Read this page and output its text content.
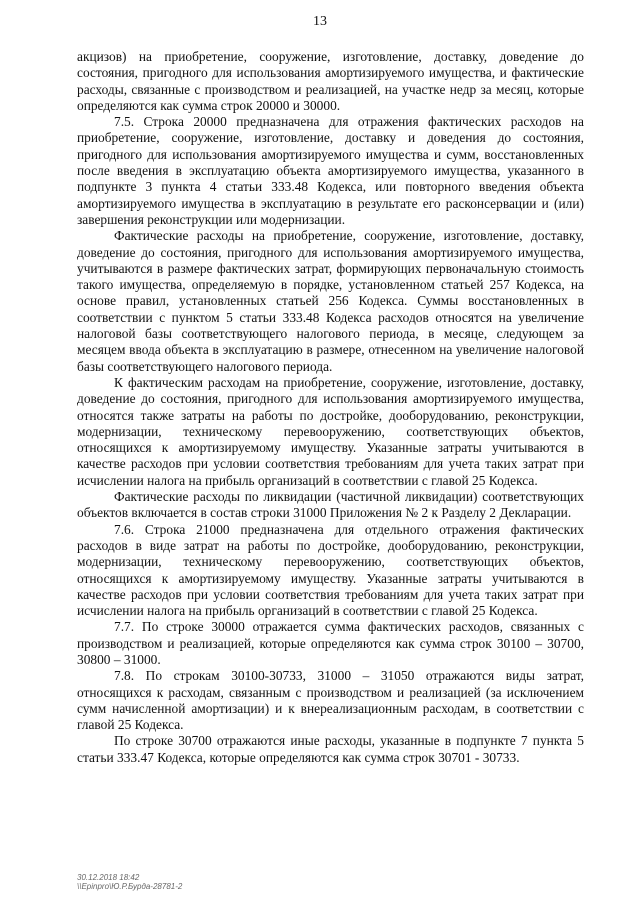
13

акцизов) на приобретение, сооружение, изготовление, доставку, доведение до состояния, пригодного для использования амортизируемого имущества, и фактические расходы, связанные с производством и реализацией, на участке недр за месяц, которые определяются как сумма строк 20000 и 30000.

7.5. Строка 20000 предназначена для отражения фактических расходов на приобретение, сооружение, изготовление, доставку и доведения до состояния, пригодного для использования амортизируемого имущества и сумм, восстановленных после введения в эксплуатацию объекта амортизируемого имущества, указанного в подпункте 3 пункта 4 статьи 333.48 Кодекса, или повторного введения объекта амортизируемого имущества в эксплуатацию в результате его расконсервации и (или) завершения реконструкции или модернизации.

Фактические расходы на приобретение, сооружение, изготовление, доставку, доведение до состояния, пригодного для использования амортизируемого имущества, учитываются в размере фактических затрат, формирующих первоначальную стоимость такого имущества, определяемую в порядке, установленном статьей 257 Кодекса, на основе правил, установленных статьей 256 Кодекса. Суммы восстановленных в соответствии с пунктом 5 статьи 333.48 Кодекса расходов относятся на увеличение налоговой базы соответствующего налогового периода, в месяце, следующем за месяцем ввода объекта в эксплуатацию в размере, отнесенном на увеличение налоговой базы соответствующего налогового периода.

К фактическим расходам на приобретение, сооружение, изготовление, доставку, доведение до состояния, пригодного для использования амортизируемого имущества, относятся также затраты на работы по достройке, дооборудованию, реконструкции, модернизации, техническому перевооружению, соответствующих объектов, относящихся к амортизируемому имуществу. Указанные затраты учитываются в качестве расходов при условии соответствия требованиям для учета таких затрат при исчислении налога на прибыль организаций в соответствии с главой 25 Кодекса.

Фактические расходы по ликвидации (частичной ликвидации) соответствующих объектов включается в состав строки 31000 Приложения № 2 к Разделу 2 Декларации.

7.6. Строка 21000 предназначена для отдельного отражения фактических расходов в виде затрат на работы по достройке, дооборудованию, реконструкции, модернизации, техническому перевооружению, соответствующих объектов, относящихся к амортизируемому имуществу. Указанные затраты учитываются в качестве расходов при условии соответствия требованиям для учета таких затрат при исчислении налога на прибыль организаций в соответствии с главой 25 Кодекса.

7.7. По строке 30000 отражается сумма фактических расходов, связанных с производством и реализацией, которые определяются как сумма строк 30100 – 30700, 30800 – 31000.

7.8. По строкам 30100-30733, 31000 – 31050 отражаются виды затрат, относящихся к расходам, связанным с производством и реализацией (за исключением сумм начисленной амортизации) и к внереализационным расходам, в соответствии с главой 25 Кодекса.

По строке 30700 отражаются иные расходы, указанные в подпункте 7 пункта 5 статьи 333.47 Кодекса, которые определяются как сумма строк 30701 - 30733.

30.12.2018 18:42
\\Epinpro\Ю.Р.Бурда-28781-2
